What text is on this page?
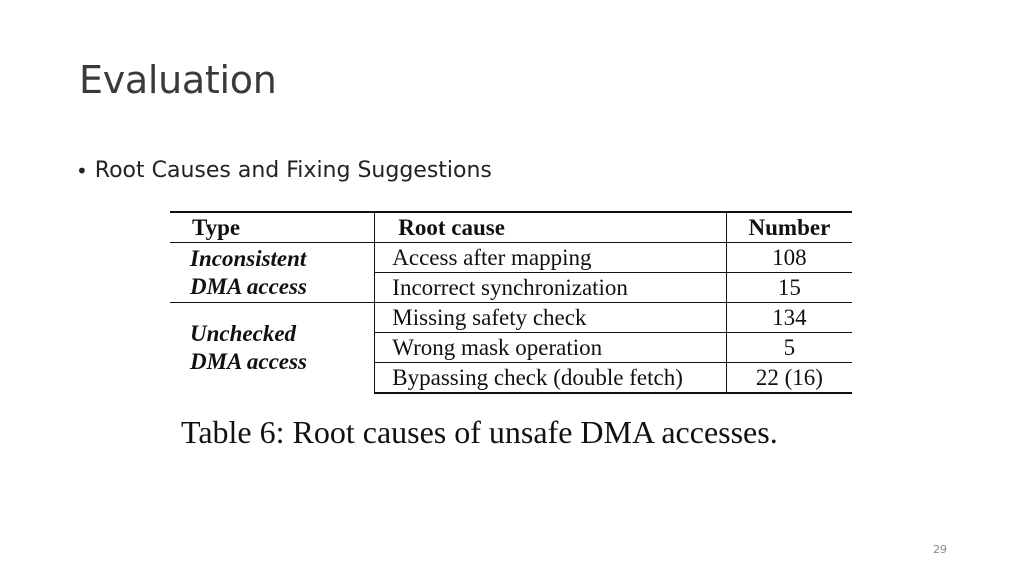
Evaluation
• Root Causes and Fixing Suggestions
Type	Root cause	Number

Inconsistent
DMA access	Access after mapping	108
	Incorrect synchronization	15

Unchecked
DMA access	Missing safety check	134
	Wrong mask operation	5
	Bypassing check (double fetch)	22 (16)
Table 6: Root causes of unsafe DMA accesses.
29
